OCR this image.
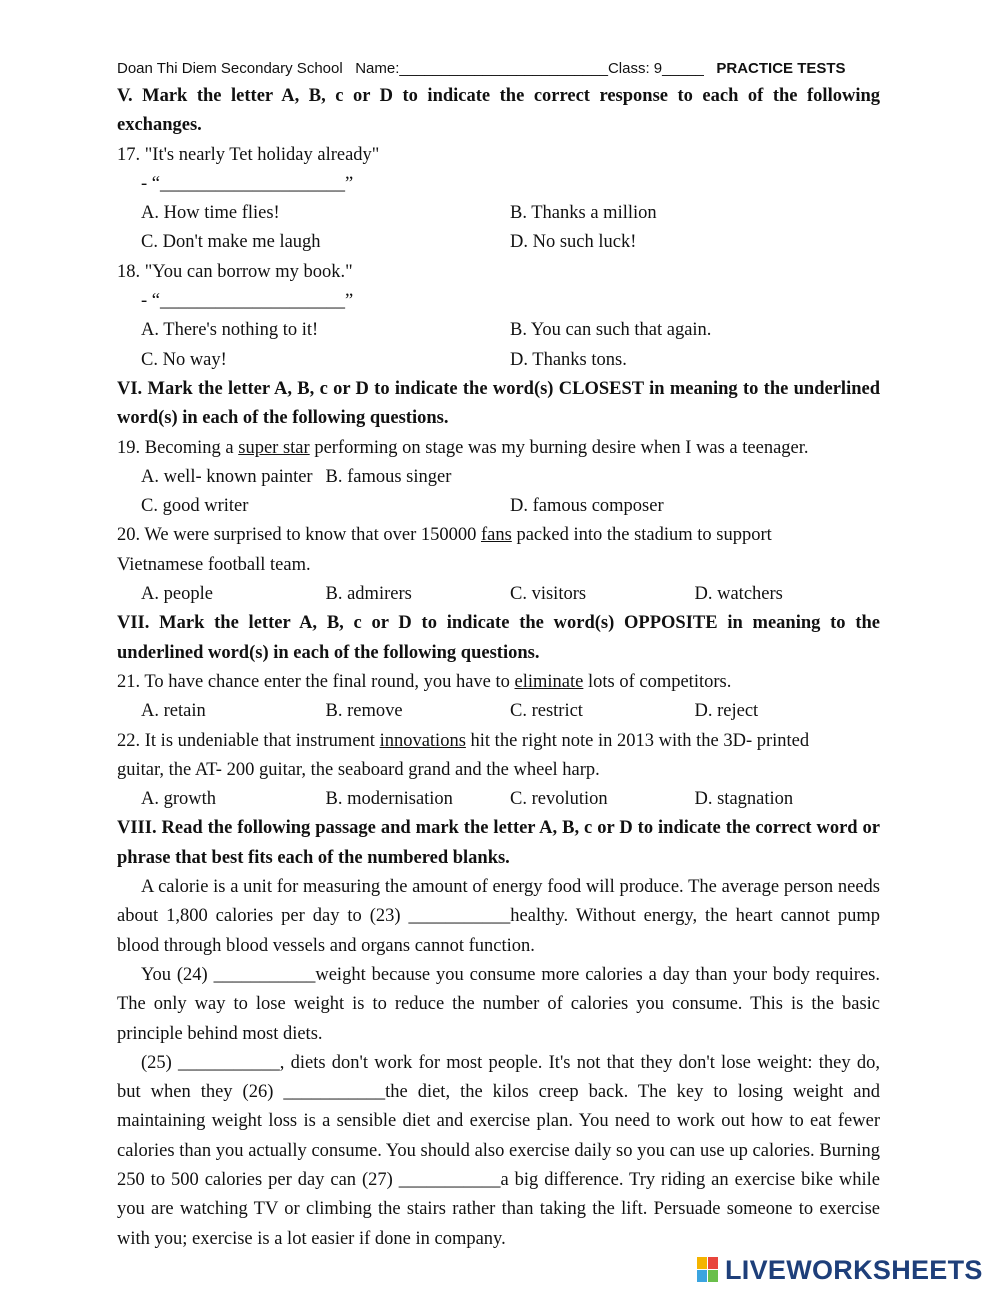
Doan Thi Diem Secondary School Name:_________________________Class: 9_____ PRACTICE TESTS
V. Mark the letter A, B, c or D to indicate the correct response to each of the following exchanges.
17. "It's nearly Tet holiday already"
- “____________________”
A. How time flies!	B. Thanks a million
C. Don't make me laugh	D. No such luck!
18. "You can borrow my book."
- “____________________”
A. There's nothing to it!	B. You can such that again.
C. No way!	D. Thanks tons.
VI. Mark the letter A, B, c or D to indicate the word(s) CLOSEST in meaning to the underlined word(s) in each of the following questions.
19. Becoming a super star performing on stage was my burning desire when I was a teenager.
A. well- known painter B. famous singer
C. good writer	D. famous composer
20. We were surprised to know that over 150000 fans packed into the stadium to support
Vietnamese football team.
A. people	B. admirers	C. visitors	D. watchers
VII. Mark the letter A, B, c or D to indicate the word(s) OPPOSITE in meaning to the underlined word(s) in each of the following questions.
21. To have chance enter the final round, you have to eliminate lots of competitors.
A. retain	B. remove	C. restrict	D. reject
22. It is undeniable that instrument innovations hit the right note in 2013 with the 3D- printed
guitar, the AT- 200 guitar, the seaboard grand and the wheel harp.
A. growth	B. modernisation	C. revolution	D. stagnation
VIII. Read the following passage and mark the letter A, B, c or D to indicate the correct word or phrase that best fits each of the numbered blanks.
A calorie is a unit for measuring the amount of energy food will produce. The average person needs about 1,800 calories per day to (23) ___________healthy. Without energy, the heart cannot pump blood through blood vessels and organs cannot function.
You (24) ___________weight because you consume more calories a day than your body requires. The only way to lose weight is to reduce the number of calories you consume. This is the basic principle behind most diets.
(25) ___________, diets don't work for most people. It's not that they don't lose weight: they do, but when they (26) ___________the diet, the kilos creep back. The key to losing weight and maintaining weight loss is a sensible diet and exercise plan. You need to work out how to eat fewer calories than you actually consume. You should also exercise daily so you can use up calories. Burning 250 to 500 calories per day can (27) ___________a big difference. Try riding an exercise bike while you are watching TV or climbing the stairs rather than taking the lift. Persuade someone to exercise with you; exercise is a lot easier if done in company.
LIVEWORKSHEETS
